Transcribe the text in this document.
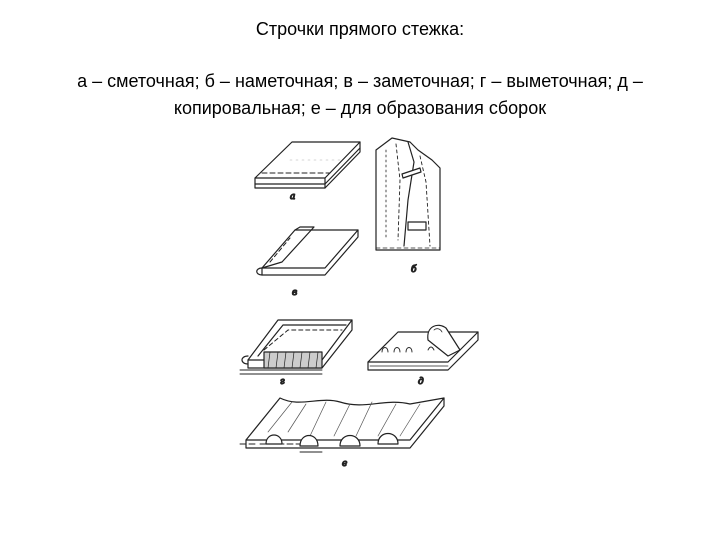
Строчки прямого стежка:
а – сметочная; б – наметочная; в – заметочная; г – выметочная; д – копировальная; е – для образования сборок
а
б
в
г	д
е
